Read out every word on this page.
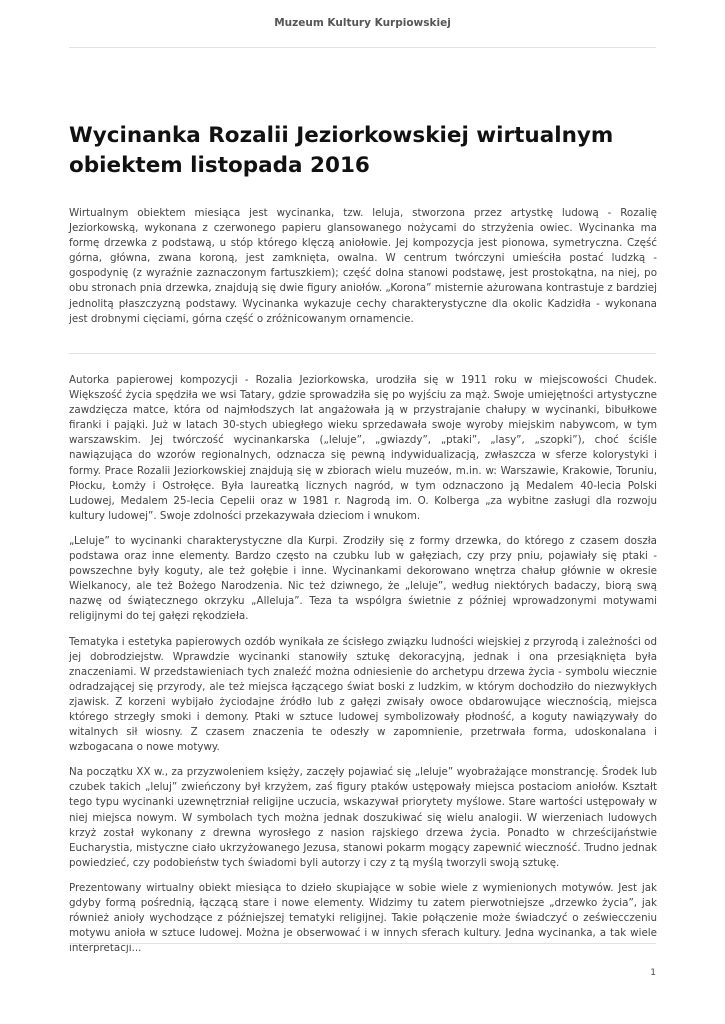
Muzeum Kultury Kurpiowskiej
Wycinanka Rozalii Jeziorkowskiej wirtualnym obiektem listopada 2016

Wirtualnym obiektem miesiąca jest wycinanka, tzw. leluja, stworzona przez artystkę ludową - Rozalię Jeziorkowską, wykonana z czerwonego papieru glansowanego nożycami do strzyżenia owiec. Wycinanka ma formę drzewka z podstawą, u stóp którego klęczą aniołowie. Jej kompozycja jest pionowa, symetryczna. Część górna, główna, zwana koroną, jest zamknięta, owalna. W centrum twórczyni umieściła postać ludzką - gospodynię (z wyraźnie zaznaczonym fartuszkiem); część dolna stanowi podstawę, jest prostokątna, na niej, po obu stronach pnia drzewka, znajdują się dwie figury aniołów. „Korona” misternie ażurowana kontrastuje z bardziej jednolitą płaszczyzną podstawy. Wycinanka wykazuje cechy charakterystyczne dla okolic Kadzidła - wykonana jest drobnymi cięciami, górna część o zróżnicowanym ornamencie.

Autorka papierowej kompozycji - Rozalia Jeziorkowska, urodziła się w 1911 roku w miejscowości Chudek. Większość życia spędziła we wsi Tatary, gdzie sprowadziła się po wyjściu za mąż. Swoje umiejętności artystyczne zawdzięcza matce, która od najmłodszych lat angażowała ją w przystrajanie chałupy w wycinanki, bibułkowe firanki i pająki. Już w latach 30-stych ubiegłego wieku sprzedawała swoje wyroby miejskim nabywcom, w tym warszawskim. Jej twórczość wycinankarska („leluje”, „gwiazdy”, „ptaki”, „lasy”, „szopki”), choć ściśle nawiązująca do wzorów regionalnych, odznacza się pewną indywidualizacją, zwłaszcza w sferze kolorystyki i formy. Prace Rozalii Jeziorkowskiej znajdują się w zbiorach wielu muzeów, m.in. w: Warszawie, Krakowie, Toruniu, Płocku, Łomży i Ostrołęce. Była laureatką licznych nagród, w tym odznaczono ją Medalem 40-lecia Polski Ludowej, Medalem 25-lecia Cepelii oraz w 1981 r. Nagrodą im. O. Kolberga „za wybitne zasługi dla rozwoju kultury ludowej”. Swoje zdolności przekazywała dzieciom i wnukom.

„Leluje” to wycinanki charakterystyczne dla Kurpi. Zrodziły się z formy drzewka, do którego z czasem doszła podstawa oraz inne elementy. Bardzo często na czubku lub w gałęziach, czy przy pniu, pojawiały się ptaki - powszechne były koguty, ale też gołębie i inne. Wycinankami dekorowano wnętrza chałup głównie w okresie Wielkanocy, ale też Bożego Narodzenia. Nic też dziwnego, że „leluje”, według niektórych badaczy, biorą swą nazwę od świątecznego okrzyku „Alleluja”. Teza ta wspólgra świetnie z później wprowadzonymi motywami religijnymi do tej gałęzi rękodzieła.

Tematyka i estetyka papierowych ozdób wynikała ze ścisłego związku ludności wiejskiej z przyrodą i zależności od jej dobrodziejstw. Wprawdzie wycinanki stanowiły sztukę dekoracyjną, jednak i ona przesiąknięta była znaczeniami. W przedstawieniach tych znaleźć można odniesienie do archetypu drzewa życia - symbolu wiecznie odradzającej się przyrody, ale też miejsca łączącego świat boski z ludzkim, w którym dochodziło do niezwykłych zjawisk. Z korzeni wybijało życiodajne źródło lub z gałęzi zwisały owoce obdarowujące wiecznością, miejsca którego strzegły smoki i demony. Ptaki w sztuce ludowej symbolizowały płodność, a koguty nawiązywały do witalnych sił wiosny. Z czasem znaczenia te odeszły w zapomnienie, przetrwała forma, udoskonalana i wzbogacana o nowe motywy.

Na początku XX w., za przyzwoleniem księży, zaczęły pojawiać się „leluje” wyobrażające monstrancję. Środek lub czubek takich „leluj” zwieńczony był krzyżem, zaś figury ptaków ustępowały miejsca postaciom aniołów. Kształt tego typu wycinanki uzewnętrzniał religijne uczucia, wskazywał priorytety myślowe. Stare wartości ustępowały w niej miejsca nowym. W symbolach tych można jednak doszukiwać się wielu analogii. W wierzeniach ludowych krzyż został wykonany z drewna wyrosłego z nasion rajskiego drzewa życia. Ponadto w chrześcijaństwie Eucharystia, mistyczne ciało ukrzyżowanego Jezusa, stanowi pokarm mogący zapewnić wieczność. Trudno jednak powiedzieć, czy podobieństw tych świadomi byli autorzy i czy z tą myślą tworzyli swoją sztukę.

Prezentowany wirtualny obiekt miesiąca to dzieło skupiające w sobie wiele z wymienionych motywów. Jest jak gdyby formą pośrednią, łączącą stare i nowe elementy. Widzimy tu zatem pierwotniejsze „drzewko życia”, jak również anioły wychodzące z późniejszej tematyki religijnej. Takie połączenie może świadczyć o zeświecczeniu motywu anioła w sztuce ludowej. Można je obserwować i w innych sferach kultury. Jedna wycinanka, a tak wiele interpretacji...

1
